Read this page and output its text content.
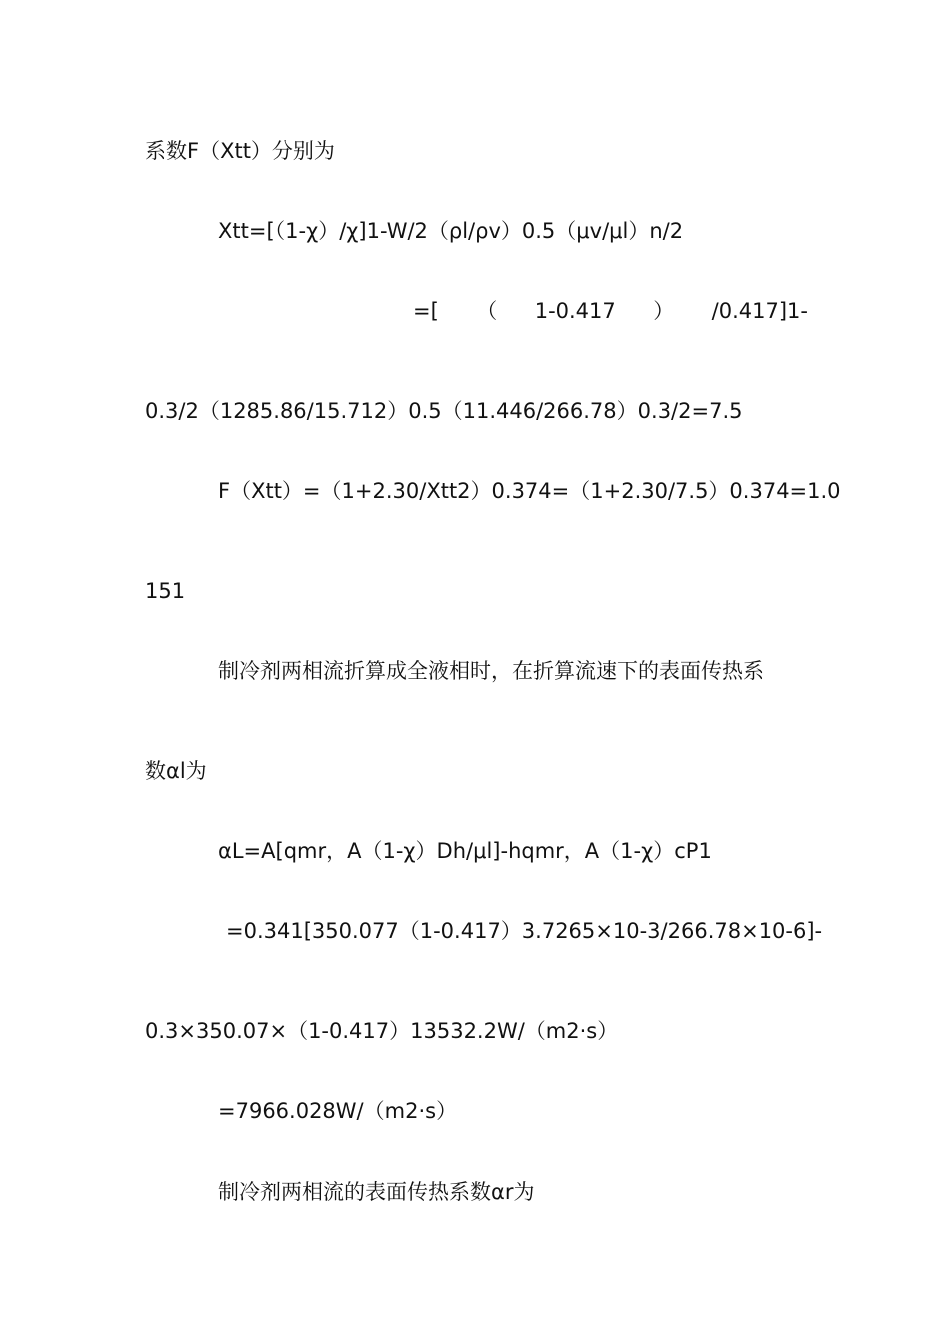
系数F（Xtt）分别为
Xtt=[（1-χ）/χ]1-W/2（ρl/ρv）0.5（μv/μl）n/2
=[ （ 1-0.417 ） /0.417]1-
0.3/2（1285.86/15.712）0.5（11.446/266.78）0.3/2=7.5
F（Xtt）=（1+2.30/Xtt2）0.374=（1+2.30/7.5）0.374=1.0
151
制冷剂两相流折算成全液相时，在折算流速下的表面传热系
数αl为
αL=A[qmr，A（1-χ）Dh/μl]-hqmr，A（1-χ）cP1
=0.341[350.077（1-0.417）3.7265×10-3/266.78×10-6]-
0.3×350.07×（1-0.417）13532.2W/（m2·s）
=7966.028W/（m2·s）
制冷剂两相流的表面传热系数αr为
